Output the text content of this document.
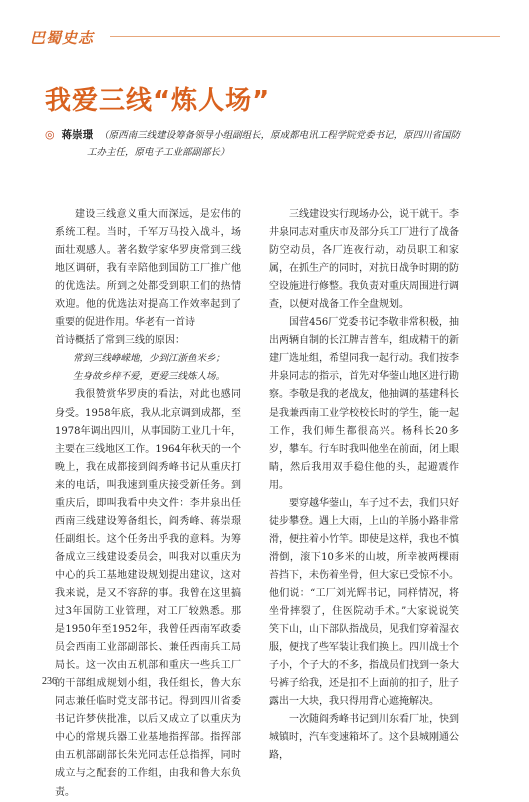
巴蜀史志
我爱三线“炼人场”
◎ 蒋崇璟 （原西南三线建设筹备领导小组副组长，原成都电讯工程学院党委书记，原四川省国防
工办主任，原电子工业部副部长）

建设三线意义重大而深远，是宏伟的系统工程。当时，千军万马投入战斗，场面壮观感人。著名数学家华罗庚常到三线地区调研，我有幸陪他到国防工厂推广他的优选法。所到之处都受到职工们的热情欢迎。他的优选法对提高工作效率起到了重要的促进作用。华老有一首诗

首诗概括了常到三线的原因：

常到三线峥嵘地，少到江浙鱼米乡；

生身故乡梓不爱，更爱三线炼人场。

我很赞赏华罗庚的看法，对此也感同身受。1958年底，我从北京调到成都，至1978年调出四川，从事国防工业几十年，主要在三线地区工作。1964年秋天的一个晚上，我在成都接到阎秀峰书记从重庆打来的电话，叫我速到重庆接受新任务。到重庆后，即叫我看中央文件：李井泉出任西南三线建设筹备组长，阎秀峰、蒋崇璟任副组长。这个任务出乎我的意料。为筹备成立三线建设委员会，叫我对以重庆为中心的兵工基地建设规划提出建议，这对我来说，是又不容辞的事。我曾在这里搞过3年国防工业管理，对工厂较熟悉。那是1950年至1952年，我曾任西南军政委员会西南工业部副部长、兼任西南兵工局局长。这一次由五机部和重庆一些兵工厂的干部组成规划小组，我任组长，鲁大东同志兼任临时党支部书记。得到四川省委书记许梦侠批准，以后又成立了以重庆为中心的常规兵器工业基地指挥部。指挥部由五机部副部长朱光同志任总指挥，同时成立与之配套的工作组，由我和鲁大东负责。

三线建设实行现场办公，说干就干。李井泉同志对重庆市及部分兵工厂进行了战备防空动员，各厂连夜行动，动员职工和家属，在抓生产的同时，对抗日战争时期的防空设施进行修整。我负责对重庆周围进行调查，以便对战备工作全盘规划。

国营456厂党委书记李敬非常积极，抽出两辆自制的长江牌吉普车，组成精干的新建厂选址组，希望同我一起行动。我们按李井泉同志的指示，首先对华蓥山地区进行勘察。李敬是我的老战友，他抽调的基建科长是我兼西南工业学校校长时的学生，能一起工作，我们师生都很高兴。杨科长20多岁，攀车。行车时我叫他坐在前面，闭上眼睛，然后我用双手稳住他的头，起避震作用。

要穿越华蓥山，车子过不去，我们只好徒步攀登。遇上大雨，上山的羊肠小路非常滑，便拄着小竹竿。即使是这样，我也不慎滑倒，滚下10多米的山坡，所幸被两棵雨苔挡下，未伤着坐骨，但大家已受惊不小。他们说：“工厂刘光辉书记，同样情况，将坐骨摔裂了，住医院动手术。”大家说说笑笑下山，山下部队指战员，见我们穿着湿衣服，便找了些军装让我们换上。四川战士个子小，个子大的不多，指战员们找到一条大号裤子给我，还是扣不上面前的扣子，肚子露出一大块，我只得用背心遮掩解决。

一次随阎秀峰书记到川东看厂址，快到城镇时，汽车变速箱坏了。这个县城刚通公路，

236
